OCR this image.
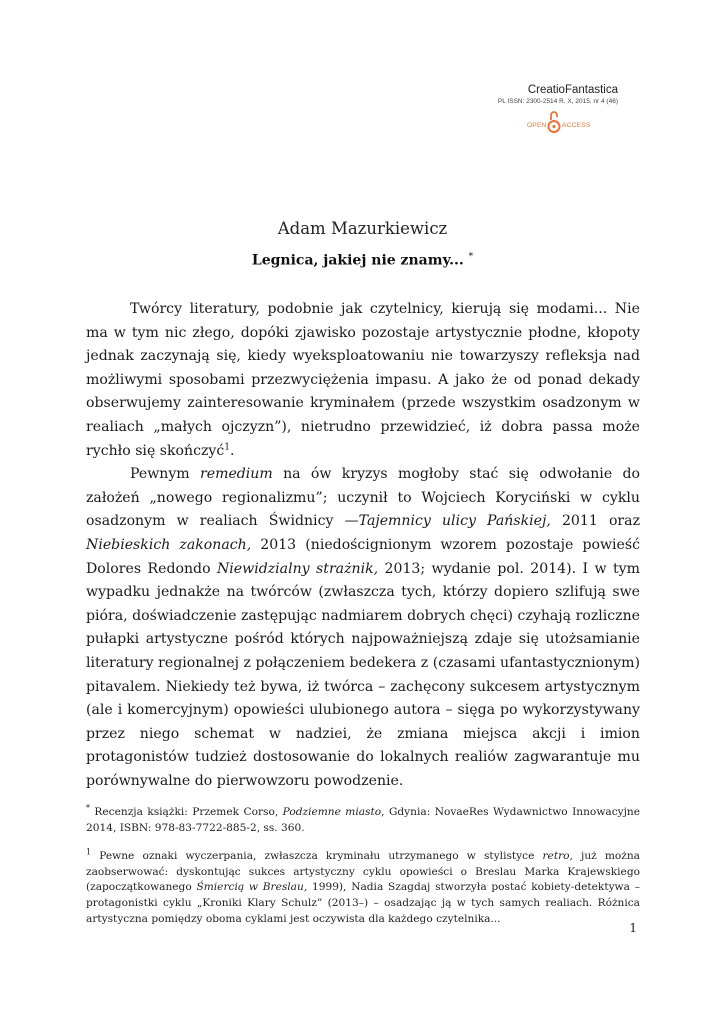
CreatioFantastica
PL ISSN: 2300-2514 R. X, 2015, nr 4 (46)
OPEN ACCESS
Adam Mazurkiewicz
Legnica, jakiej nie znamy... *

Twórcy literatury, podobnie jak czytelnicy, kierują się modami... Nie ma w tym nic złego, dopóki zjawisko pozostaje artystycznie płodne, kłopoty jednak zaczynają się, kiedy wyeksploatowaniu nie towarzyszy refleksja nad możliwymi sposobami przezwyciężenia impasu. A jako że od ponad dekady obserwujemy zainteresowanie kryminałem (przede wszystkim osadzonym w realiach „małych ojczyzn”), nietrudno przewidzieć, iż dobra passa może rychło się skończyć$^1$.

Pewnym remedium na ów kryzys mogłoby stać się odwołanie do założeń „nowego regionalizmu”; uczynił to Wojciech Koryciński w cyklu osadzonym w realiach Świdnicy —Tajemnicy ulicy Pańskiej, 2011 oraz Niebieskich zakonach, 2013 (niedoścignionym wzorem pozostaje powieść Dolores Redondo Niewidzialny strażnik, 2013; wydanie pol. 2014). I w tym wypadku jednakże na twórców (zwłaszcza tych, którzy dopiero szlifują swe pióra, doświadczenie zastępując nadmiarem dobrych chęci) czyhają rozliczne pułapki artystyczne pośród których najpoważniejszą zdaje się utożsamianie literatury regionalnej z połączeniem bedekera z (czasami ufantastycznionym) pitavalem. Niekiedy też bywa, iż twórca – zachęcony sukcesem artystycznym (ale i komercyjnym) opowieści ulubionego autora – sięga po wykorzystywany przez niego schemat w nadziei, że zmiana miejsca akcji i imion protagonistów tudzież dostosowanie do lokalnych realiów zagwarantuje mu porównywalne do pierwowzoru powodzenie.

* Recenzja książki: Przemek Corso, Podziemne miasto, Gdynia: NovaeRes Wydawnictwo Innowacyjne 2014, ISBN: 978-83-7722-885-2, ss. 360.

$^1$ Pewne oznaki wyczerpania, zwłaszcza kryminału utrzymanego w stylistyce retro, już można zaobserwować: dyskontując sukces artystyczny cyklu opowieści o Breslau Marka Krajewskiego (zapoczątkowanego Śmiercią w Breslau, 1999), Nadia Szagdaj stworzyła postać kobiety-detektywa – protagonistki cyklu „Kroniki Klary Schulz” (2013–) – osadzając ją w tych samych realiach. Różnica artystyczna pomiędzy oboma cyklami jest oczywista dla każdego czytelnika...

1
